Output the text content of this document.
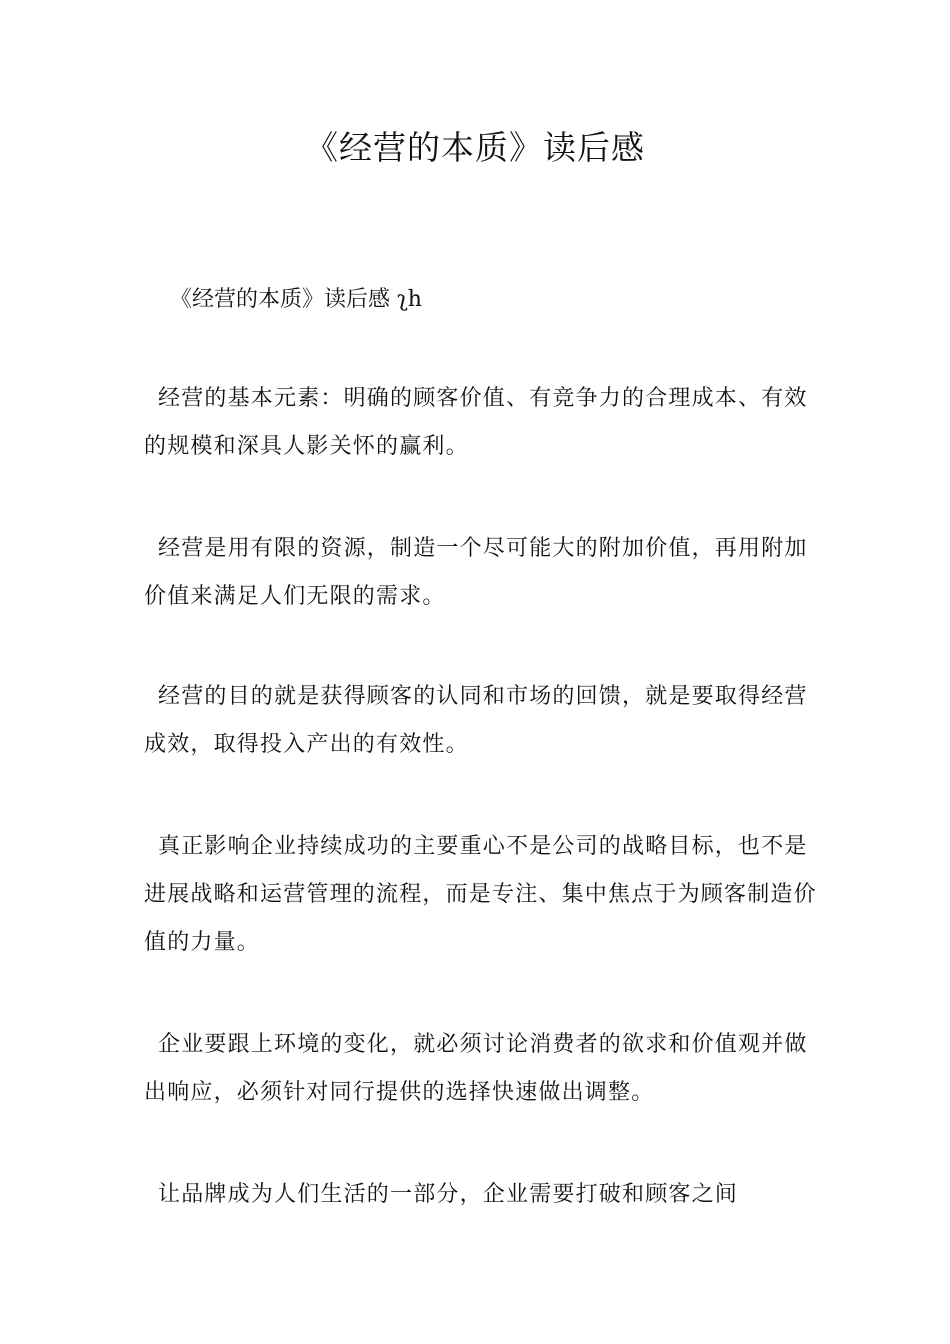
《经营的本质》读后感

《经营的本质》读后感 ʅh

经营的基本元素：明确的顾客价值、有竞争力的合理成本、有效的规模和深具人影关怀的赢利。

经营是用有限的资源，制造一个尽可能大的附加价值，再用附加价值来满足人们无限的需求。

经营的目的就是获得顾客的认同和市场的回馈，就是要取得经营成效，取得投入产出的有效性。

真正影响企业持续成功的主要重心不是公司的战略目标，也不是进展战略和运营管理的流程，而是专注、集中焦点于为顾客制造价值的力量。

企业要跟上环境的变化，就必须讨论消费者的欲求和价值观并做出响应，必须针对同行提供的选择快速做出调整。

让品牌成为人们生活的一部分，企业需要打破和顾客之间
